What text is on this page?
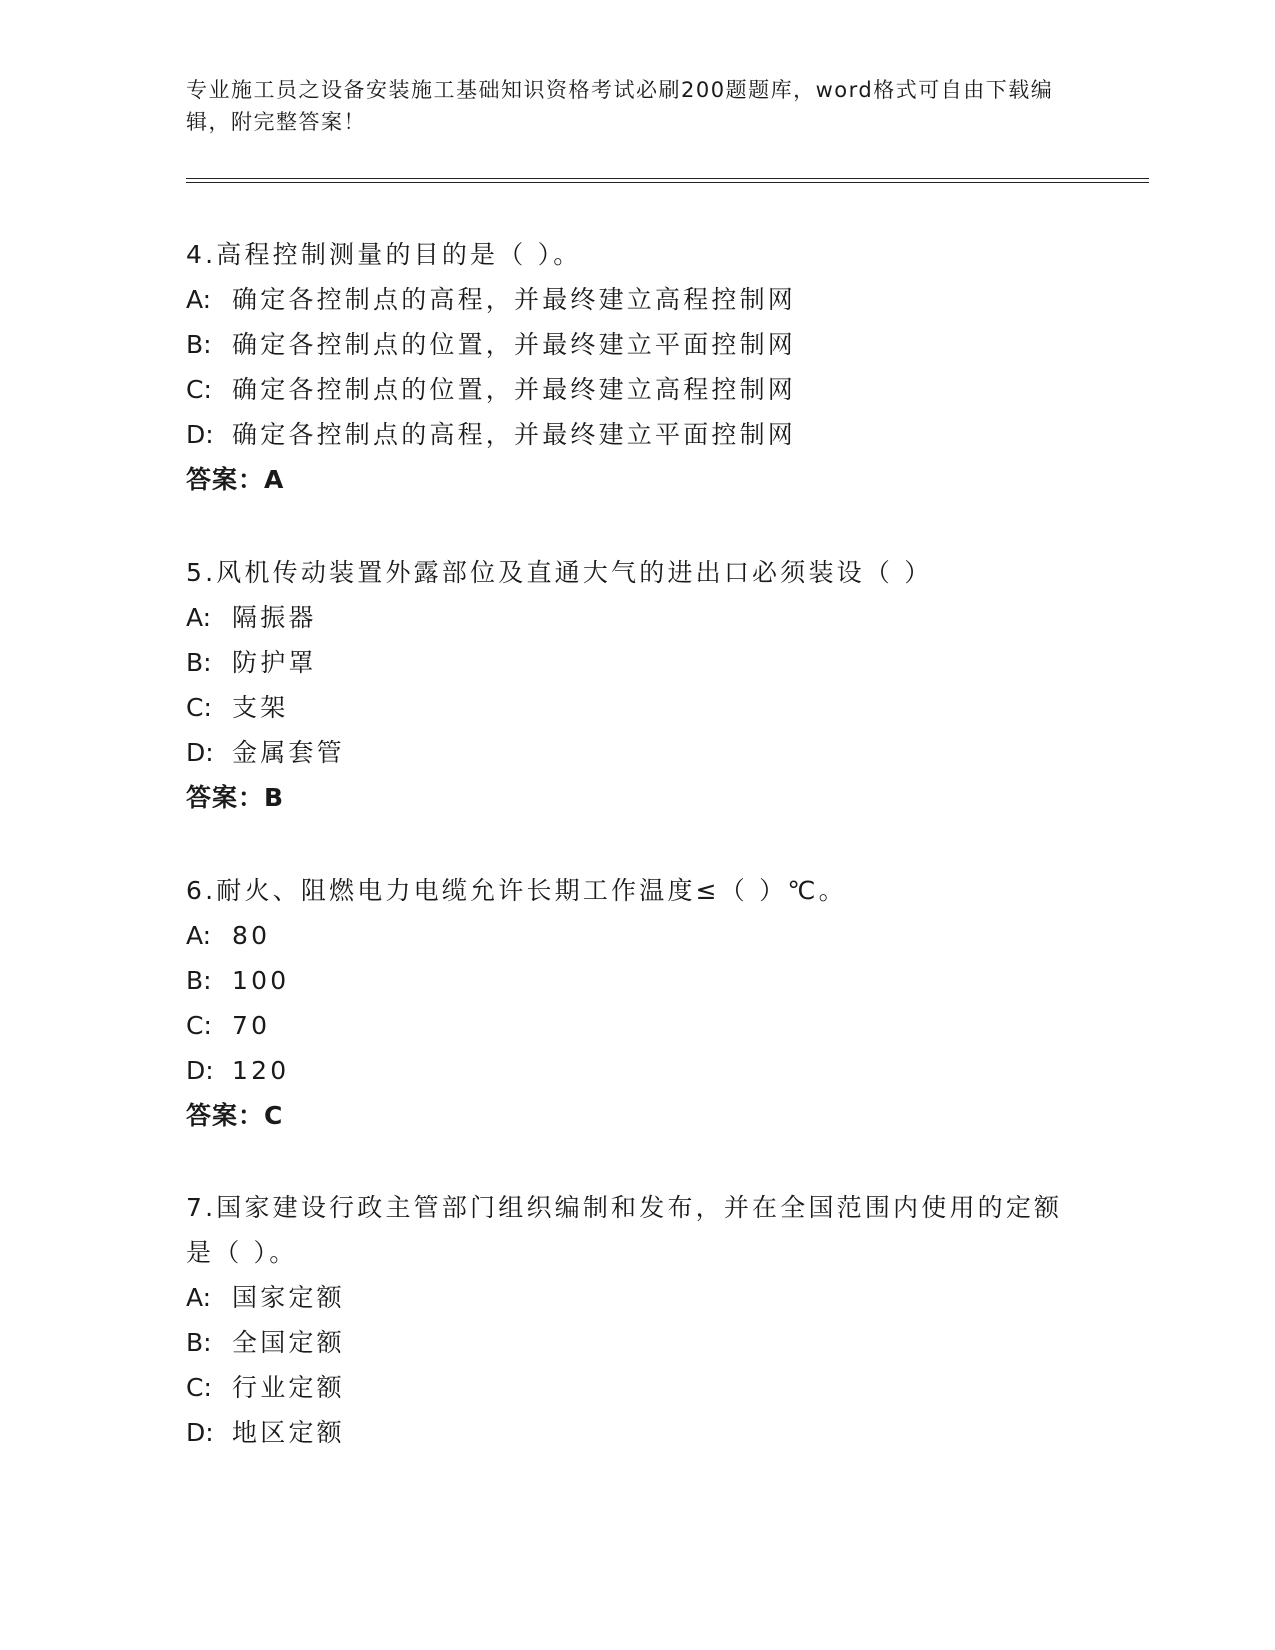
专业施工员之设备安装施工基础知识资格考试必刷200题题库，word格式可自由下载编辑，附完整答案！

4.高程控制测量的目的是（ ）。

A: 确定各控制点的高程，并最终建立高程控制网

B: 确定各控制点的位置，并最终建立平面控制网

C: 确定各控制点的位置，并最终建立高程控制网

D: 确定各控制点的高程，并最终建立平面控制网

答案：A

5.风机传动装置外露部位及直通大气的进出口必须装设（ ）

A: 隔振器

B: 防护罩

C: 支架

D: 金属套管

答案：B

6.耐火、阻燃电力电缆允许长期工作温度≤（ ）℃。

A: 80

B: 100

C: 70

D: 120

答案：C

7.国家建设行政主管部门组织编制和发布，并在全国范围内使用的定额是（ ）。

A: 国家定额

B: 全国定额

C: 行业定额

D: 地区定额
